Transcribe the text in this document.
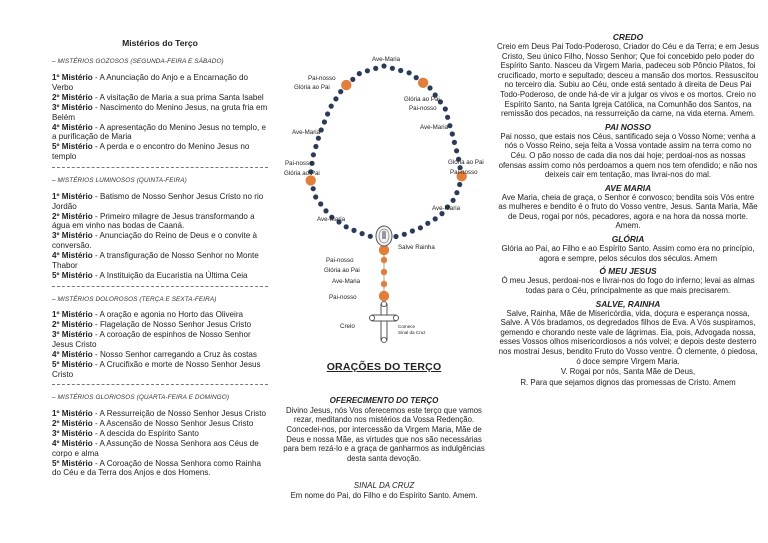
Mistérios do Terço
– MISTÉRIOS GOZOSOS (SEGUNDA-FEIRA E SÁBADO)
1º Mistério - A Anunciação do Anjo e a Encarnação do Verbo
2º Mistério - A visitação de Maria a sua prima Santa Isabel
3º Mistério - Nascimento do Menino Jesus, na gruta fria em Belém
4º Mistério - A apresentação do Menino Jesus no templo, e a purificação de Maria
5º Mistério - A perda e o encontro do Menino Jesus no templo
– MISTÉRIOS LUMINOSOS (QUINTA-FEIRA)
1º Mistério - Batismo de Nosso Senhor Jesus Cristo no rio Jordão
2º Mistério - Primeiro milagre de Jesus transformando a água em vinho nas bodas de Caaná.
3º Mistério - Anunciação do Reino de Deus e o convite à conversão.
4º Mistério - A transfiguração de Nosso Senhor no Monte Thabor
5º Mistério - A Instituição da Eucaristia na Última Ceia
– MISTÉRIOS DOLOROSOS (TERÇA E SEXTA-FEIRA)
1º Mistério - A oração e agonia no Horto das Oliveira
2º Mistério - Flagelação de Nosso Senhor Jesus Cristo
3º Mistério - A coroação de espinhos de Nosso Senhor Jesus Cristo
4º Mistério - Nosso Senhor carregando a Cruz às costas
5º Mistério - A Crucifixão e morte de Nosso Senhor Jesus Cristo
– MISTÉRIOS GLORIOSOS (QUARTA-FEIRA E DOMINGO)
1º Mistério - A Ressurreição de Nosso Senhor Jesus Cristo
2º Mistério - A Ascensão de Nosso Senhor Jesus Cristo
3º Mistério - A descida do Espírito Santo
4º Mistério - A Assunção de Nossa Senhora aos Céus de corpo e alma
5º Mistério - A Coroação de Nossa Senhora como Rainha do Céu e da Terra dos Anjos e dos Homens.
Ave-Maria
Pai-nosso
Glória ao Pai
Glória ao Pai
Pai-nosso
Ave-Maria
Ave-Maria
Pai-nosso
Glória ao Pai
Glória ao Pai
Pai-nosso
Ave-Maria
Ave-Maria
Salve Rainha
Pai-nosso
Glória ao Pai
Ave-Maria
Pai-nosso
Creio	Comece
Sinal da Cruz
ORAÇÕES DO TERÇO
OFERECIMENTO DO TERÇO
Divino Jesus, nós Vos oferecemos este terço que vamos rezar, meditando nos mistérios da Vossa Redenção. Concedei-nos, por intercessão da Virgem Maria, Mãe de Deus e nossa Mãe, as virtudes que nos são necessárias para bem rezá-lo e a graça de ganharmos as indulgências desta santa devoção.
SINAL DA CRUZ
Em nome do Pai, do Filho e do Espírito Santo. Amem.
CREDO

Creio em Deus Pai Todo-Poderoso, Criador do Céu e da Terra; e em Jesus Cristo, Seu único Filho, Nosso Senhor; Que foi concebido pelo poder do Espírito Santo. Nasceu da Virgem Maria, padeceu sob Pôncio Pilatos, foi crucificado, morto e sepultado; desceu a mansão dos mortos. Ressuscitou no terceiro dia. Subiu ao Céu, onde está sentado à direita de Deus Pai Todo-Poderoso, de onde há-de vir a julgar os vivos e os mortos. Creio no Espírito Santo, na Santa Igreja Católica, na Comunhão dos Santos, na remissão dos pecados, na ressurreição da carne, na vida eterna. Amem.

PAI NOSSO

Pai nosso, que estais nos Céus, santificado seja o Vosso Nome; venha a nós o Vosso Reino, seja feita a Vossa vontade assim na terra como no Céu. O pão nosso de cada dia nos dai hoje; perdoai-nos as nossas ofensas assim como nós perdoamos a quem nos tem ofendido; e não nos deixeis cair em tentação, mas livrai-nos do mal.

AVE MARIA

Ave Maria, cheia de graça, o Senhor é convosco; bendita sois Vós entre as mulheres e bendito é o fruto do Vosso ventre, Jesus. Santa Maria, Mãe de Deus, rogai por nós, pecadores, agora e na hora da nossa morte. Amem.

GLÓRIA

Glória ao Pai, ao Filho e ao Espírito Santo. Assim como era no princípio, agora e sempre, pelos séculos dos séculos. Amem

Ó MEU JESUS

Ó meu Jesus, perdoai-nos e livrai-nos do fogo do inferno; levai as almas todas para o Céu, principalmente as que mais precisarem.

SALVE, RAINHA

Salve, Rainha, Mãe de Misericórdia, vida, doçura e esperança nossa, Salve. A Vós bradamos, os degredados filhos de Eva. A Vós suspiramos, gemendo e chorando neste vale de lágrimas. Eia, pois, Advogada nossa, esses Vossos olhos misericordiosos a nós volvei; e depois deste desterro nos mostrai Jesus, bendito Fruto do Vosso ventre. Ó clemente, ó piedosa, ó doce sempre Virgem Maria.

V. Rogai por nós, Santa Mãe de Deus,

R. Para que sejamos dignos das promessas de Cristo. Amem
